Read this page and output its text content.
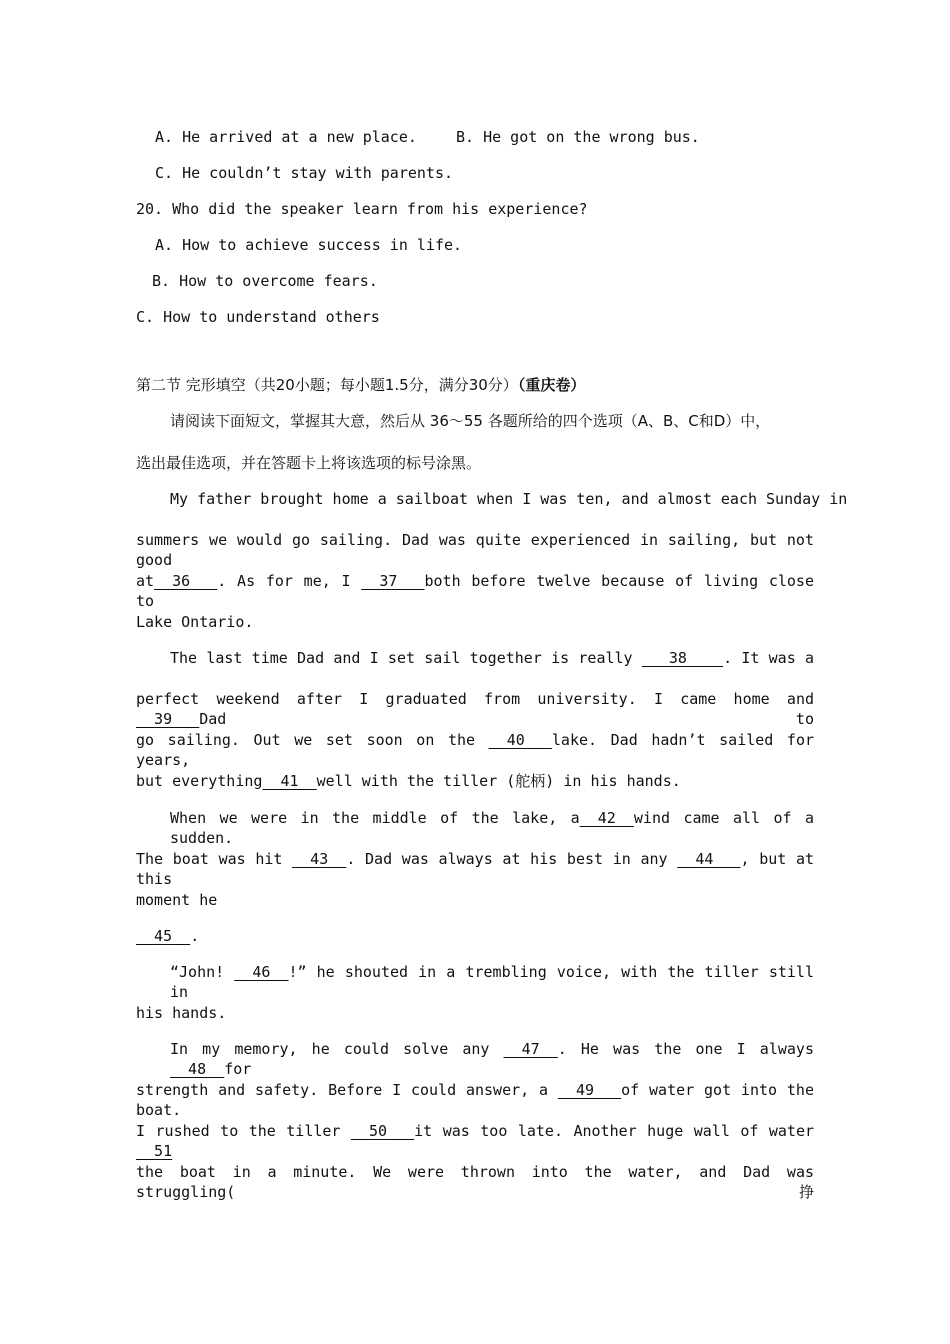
A. He arrived at a new place.	B. He got on the wrong bus.
C. He couldn’t stay with parents.
20. Who did the speaker learn from his experience?
A. How to achieve success in life.
B. How to overcome fears.
C. How to understand others
第二节 完形填空（共20小题；每小题1.5分，满分30分）（重庆卷）
请阅读下面短文，掌握其大意，然后从 36～55 各题所给的四个选项（A、B、C和D）中，
选出最佳选项，并在答题卡上将该选项的标号涂黑。
My father brought home a sailboat when I was ten, and almost each Sunday in
summers we would go sailing. Dad was quite experienced in sailing, but not good
at__36___. As for me, I __37___both before twelve because of living close to
Lake Ontario.
The last time Dad and I set sail together is really ___38____. It was a
perfect weekend after I graduated from university. I came home and __39___Dad to
go sailing. Out we set soon on the __40___lake. Dad hadn’t sailed for years,
but everything__41__well with the tiller (舵柄) in his hands.
When we were in the middle of the lake, a__42__wind came all of a sudden.
The boat was hit __43__. Dad was always at his best in any __44___, but at this
moment he
__45__.
“John! __46__!” he shouted in a trembling voice, with the tiller still in
his hands.
In my memory, he could solve any __47__. He was the one I always __48__for
strength and safety. Before I could answer, a __49___of water got into the boat.
I rushed to the tiller __50___it was too late. Another huge wall of water __51
the boat in a minute. We were thrown into the water, and Dad was struggling(挣
